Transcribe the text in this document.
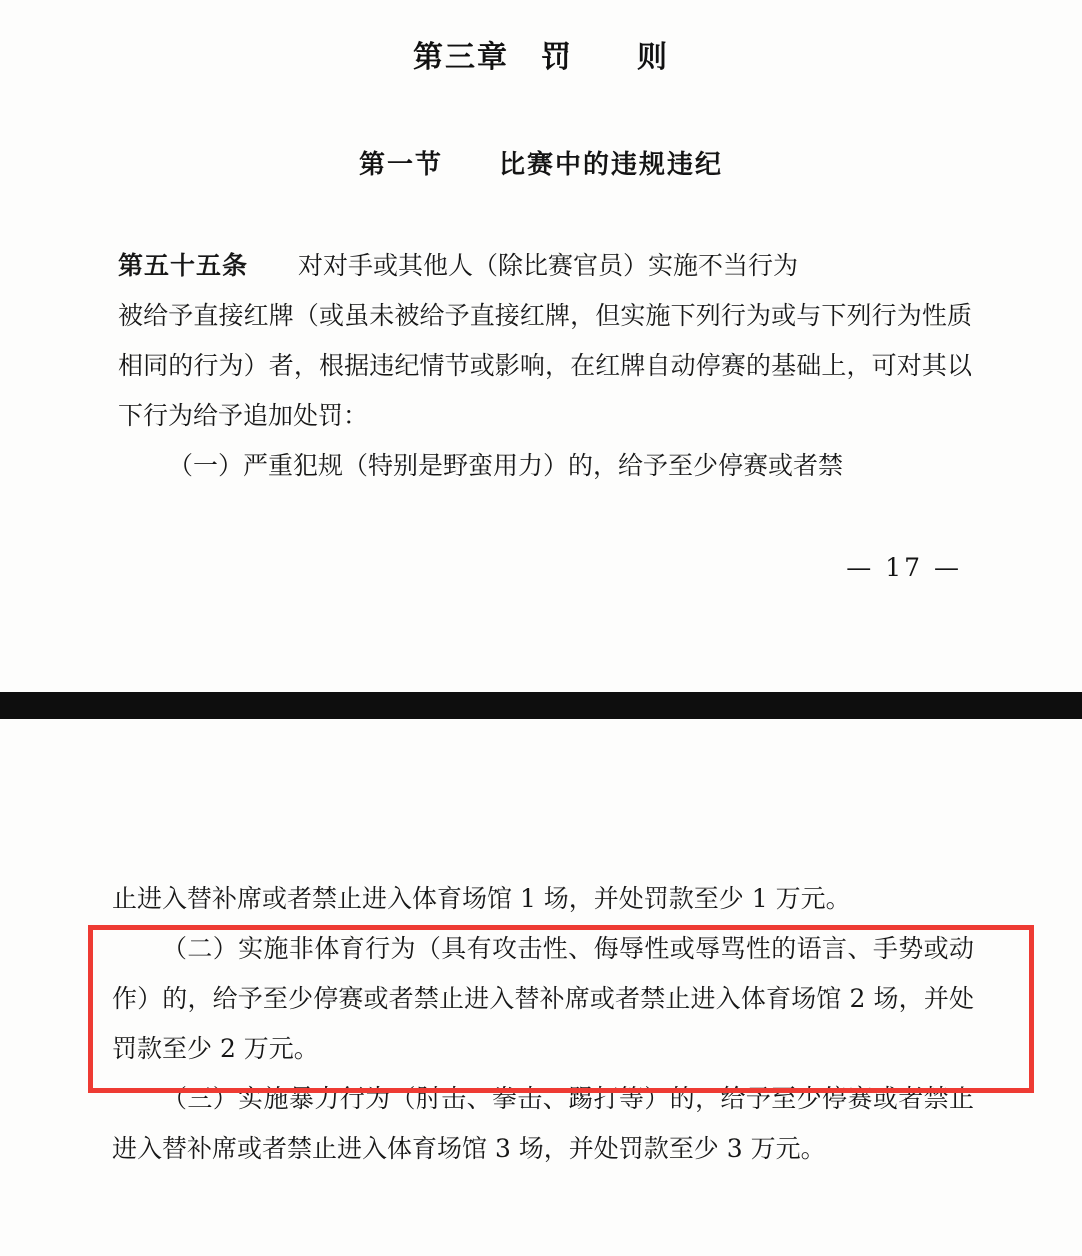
第三章　罚　　则
第一节　　比赛中的违规违纪

第五十五条　　对对手或其他人（除比赛官员）实施不当行为

被给予直接红牌（或虽未被给予直接红牌，但实施下列行为或与下列行为性质相同的行为）者，根据违纪情节或影响，在红牌自动停赛的基础上，可对其以下行为给予追加处罚：

（一）严重犯规（特别是野蛮用力）的，给予至少停赛或者禁

— 17 —

止进入替补席或者禁止进入体育场馆 1 场，并处罚款至少 1 万元。

（二）实施非体育行为（具有攻击性、侮辱性或辱骂性的语言、手势或动作）的，给予至少停赛或者禁止进入替补席或者禁止进入体育场馆 2 场，并处罚款至少 2 万元。

（三）实施暴力行为（肘击、拳击、踢打等）的，给予至少停赛或者禁止进入替补席或者禁止进入体育场馆 3 场，并处罚款至少 3 万元。
